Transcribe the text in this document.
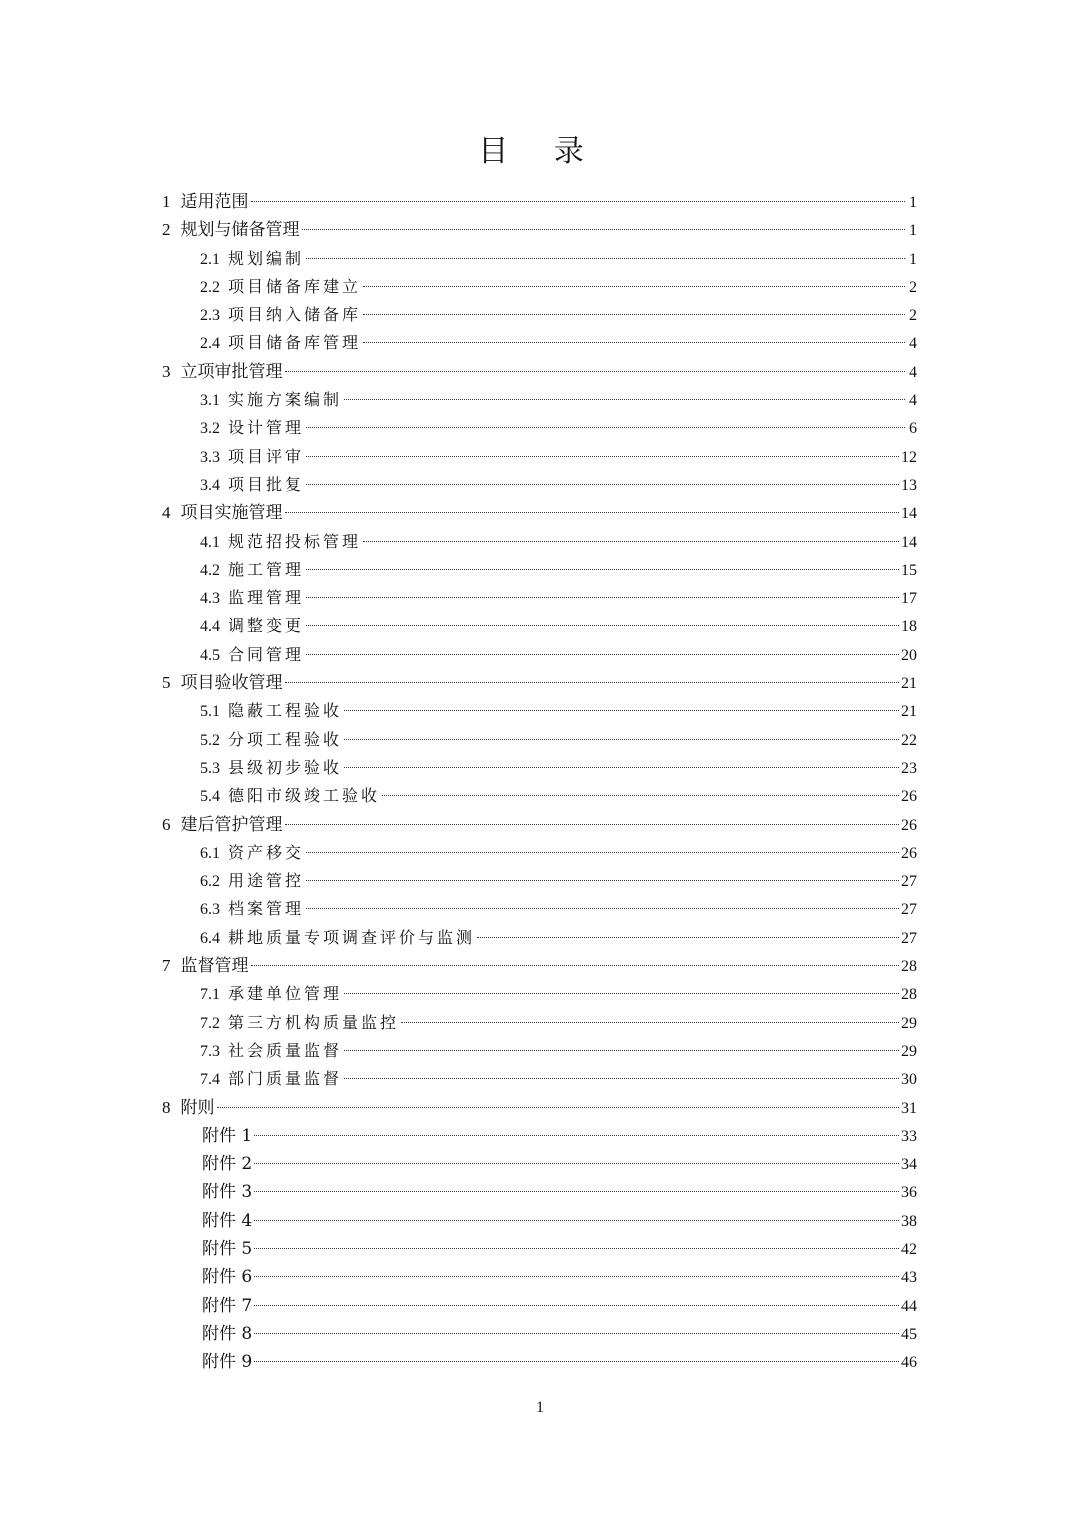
目 录
1 适用范围	1
2 规划与储备管理	1
2.1 规划编制	1
2.2 项目储备库建立	2
2.3 项目纳入储备库	2
2.4 项目储备库管理	4
3 立项审批管理	4
3.1 实施方案编制	4
3.2 设计管理	6
3.3 项目评审	12
3.4 项目批复	13
4 项目实施管理	14
4.1 规范招投标管理	14
4.2 施工管理	15
4.3 监理管理	17
4.4 调整变更	18
4.5 合同管理	20
5 项目验收管理	21
5.1 隐蔽工程验收	21
5.2 分项工程验收	22
5.3 县级初步验收	23
5.4 德阳市级竣工验收	26
6 建后管护管理	26
6.1 资产移交	26
6.2 用途管控	27
6.3 档案管理	27
6.4 耕地质量专项调查评价与监测	27
7 监督管理	28
7.1 承建单位管理	28
7.2 第三方机构质量监控	29
7.3 社会质量监督	29
7.4 部门质量监督	30
8 附则	31
附件 1	33
附件 2	34
附件 3	36
附件 4	38
附件 5	42
附件 6	43
附件 7	44
附件 8	45
附件 9	46
1
